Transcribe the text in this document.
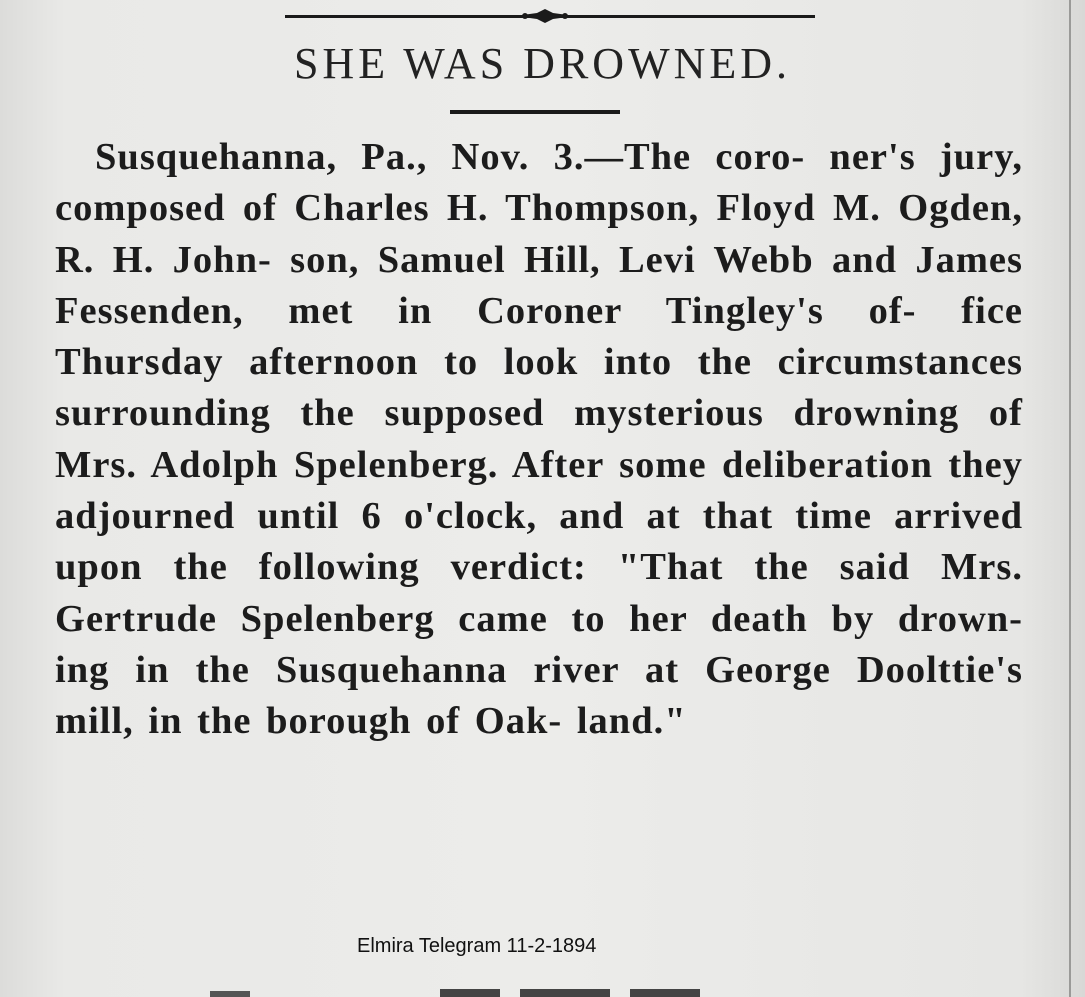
SHE WAS DROWNED.

Susquehanna, Pa., Nov. 3.—The coro- ner's jury, composed of Charles H. Thompson, Floyd M. Ogden, R. H. John- son, Samuel Hill, Levi Webb and James Fessenden, met in Coroner Tingley's of- fice Thursday afternoon to look into the circumstances surrounding the supposed mysterious drowning of Mrs. Adolph Spelenberg. After some deliberation they adjourned until 6 o'clock, and at that time arrived upon the following verdict: "That the said Mrs. Gertrude Spelenberg came to her death by drown- ing in the Susquehanna river at George Doolttie's mill, in the borough of Oak- land."

Elmira Telegram 11-2-1894
